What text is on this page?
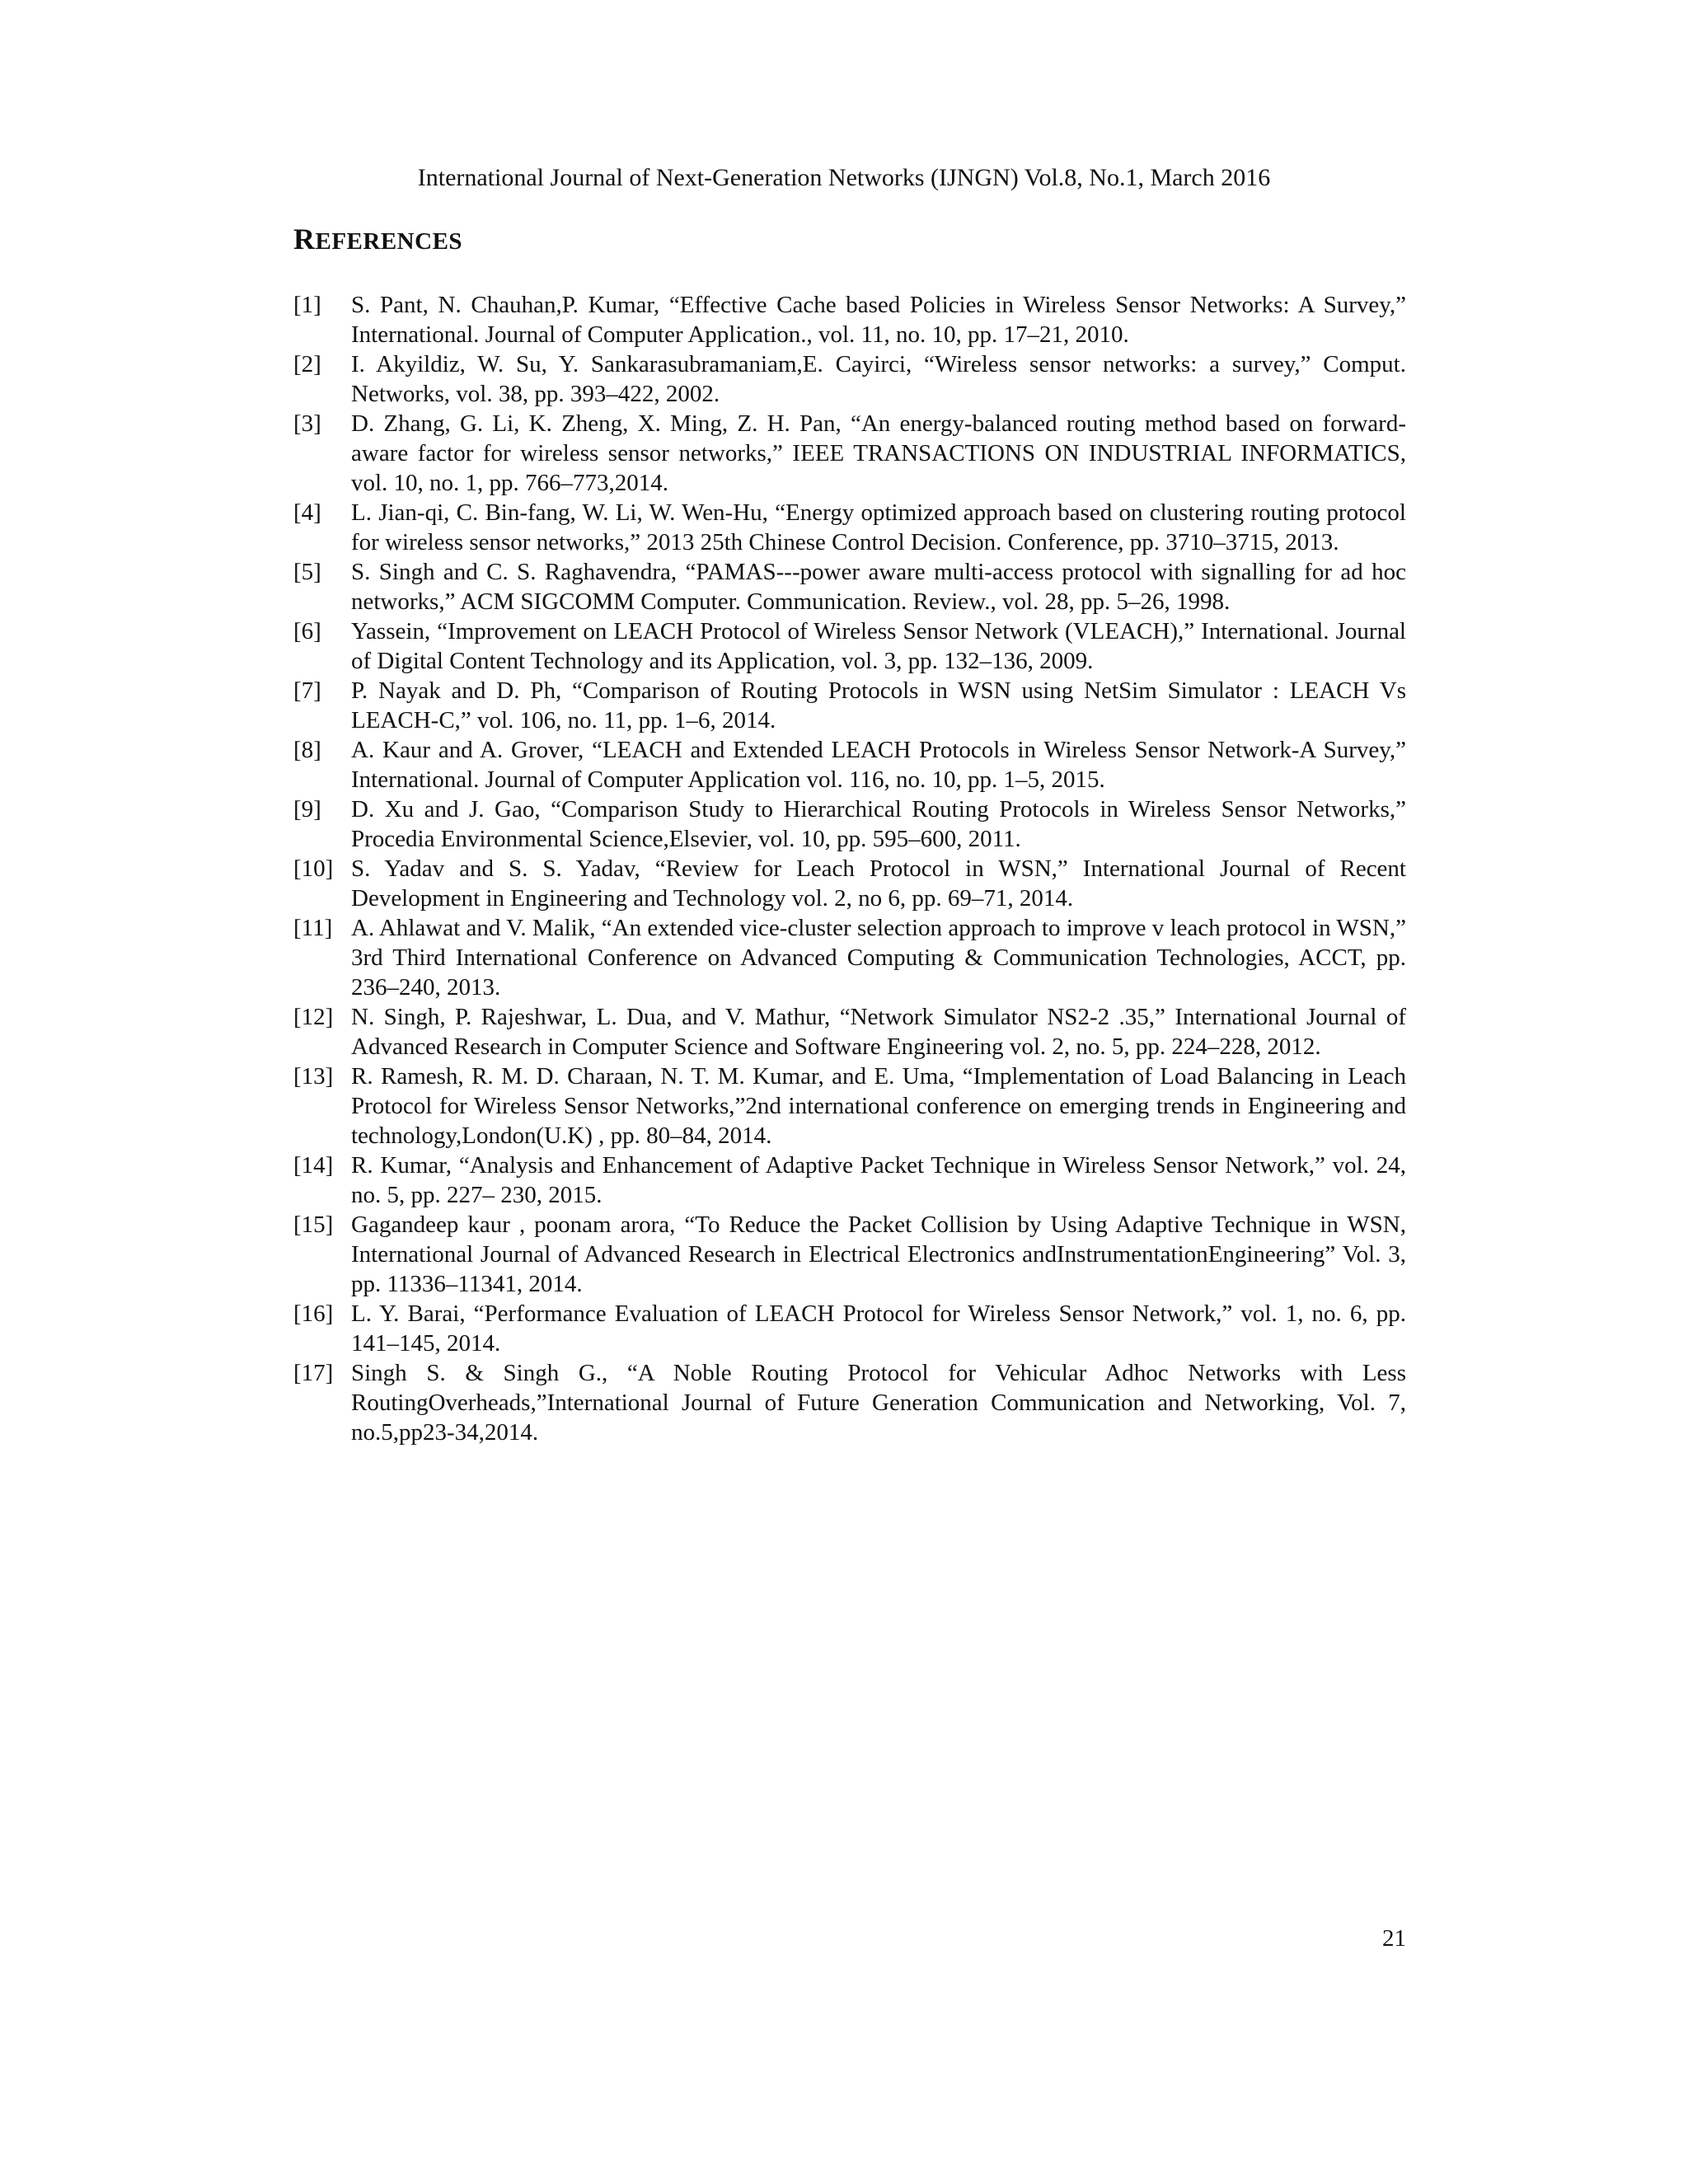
International Journal of Next-Generation Networks (IJNGN) Vol.8, No.1, March 2016
REFERENCES
[1] S. Pant, N. Chauhan,P. Kumar, “Effective Cache based Policies in Wireless Sensor Networks: A Survey,” International. Journal of Computer Application., vol. 11, no. 10, pp. 17–21, 2010.
[2] I. Akyildiz, W. Su, Y. Sankarasubramaniam,E. Cayirci, “Wireless sensor networks: a survey,” Comput. Networks, vol. 38, pp. 393–422, 2002.
[3] D. Zhang, G. Li, K. Zheng, X. Ming, Z. H. Pan, “An energy-balanced routing method based on forward-aware factor for wireless sensor networks,” IEEE TRANSACTIONS ON INDUSTRIAL INFORMATICS, vol. 10, no. 1, pp. 766–773,2014.
[4] L. Jian-qi, C. Bin-fang, W. Li, W. Wen-Hu, “Energy optimized approach based on clustering routing protocol for wireless sensor networks,” 2013 25th Chinese Control Decision. Conference, pp. 3710–3715, 2013.
[5] S. Singh and C. S. Raghavendra, “PAMAS---power aware multi-access protocol with signalling for ad hoc networks,” ACM SIGCOMM Computer. Communication. Review., vol. 28, pp. 5–26, 1998.
[6] Yassein, “Improvement on LEACH Protocol of Wireless Sensor Network (VLEACH),” International. Journal of Digital Content Technology and its Application, vol. 3, pp. 132–136, 2009.
[7] P. Nayak and D. Ph, “Comparison of Routing Protocols in WSN using NetSim Simulator : LEACH Vs LEACH-C,” vol. 106, no. 11, pp. 1–6, 2014.
[8] A. Kaur and A. Grover, “LEACH and Extended LEACH Protocols in Wireless Sensor Network-A Survey,” International. Journal of Computer Application vol. 116, no. 10, pp. 1–5, 2015.
[9] D. Xu and J. Gao, “Comparison Study to Hierarchical Routing Protocols in Wireless Sensor Networks,” Procedia Environmental Science,Elsevier, vol. 10, pp. 595–600, 2011.
[10] S. Yadav and S. S. Yadav, “Review for Leach Protocol in WSN,” International Journal of Recent Development in Engineering and Technology vol. 2, no 6, pp. 69–71, 2014.
[11] A. Ahlawat and V. Malik, “An extended vice-cluster selection approach to improve v leach protocol in WSN,” 3rd Third International Conference on Advanced Computing & Communication Technologies, ACCT, pp. 236–240, 2013.
[12] N. Singh, P. Rajeshwar, L. Dua, and V. Mathur, “Network Simulator NS2-2 .35,” International Journal of Advanced Research in Computer Science and Software Engineering vol. 2, no. 5, pp. 224–228, 2012.
[13] R. Ramesh, R. M. D. Charaan, N. T. M. Kumar, and E. Uma, “Implementation of Load Balancing in Leach Protocol for Wireless Sensor Networks,”2nd international conference on emerging trends in Engineering and technology,London(U.K) , pp. 80–84, 2014.
[14] R. Kumar, “Analysis and Enhancement of Adaptive Packet Technique in Wireless Sensor Network,” vol. 24, no. 5, pp. 227– 230, 2015.
[15] Gagandeep kaur , poonam arora, “To Reduce the Packet Collision by Using Adaptive Technique in WSN, International Journal of Advanced Research in Electrical Electronics andInstrumentationEngineering” Vol. 3, pp. 11336–11341, 2014.
[16] L. Y. Barai, “Performance Evaluation of LEACH Protocol for Wireless Sensor Network,” vol. 1, no. 6, pp. 141–145, 2014.
[17] Singh S. & Singh G., “A Noble Routing Protocol for Vehicular Adhoc Networks with Less RoutingOverheads,”International Journal of Future Generation Communication and Networking, Vol. 7, no.5,pp23-34,2014.
21
